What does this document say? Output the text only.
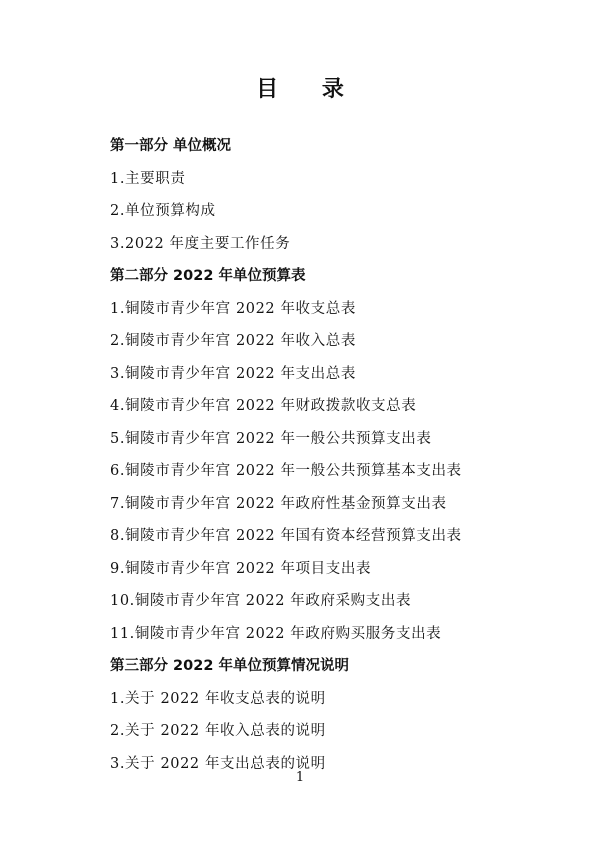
目 录
第一部分 单位概况
1.主要职责
2.单位预算构成
3.2022 年度主要工作任务
第二部分 2022 年单位预算表
1.铜陵市青少年宫 2022 年收支总表
2.铜陵市青少年宫 2022 年收入总表
3.铜陵市青少年宫 2022 年支出总表
4.铜陵市青少年宫 2022 年财政拨款收支总表
5.铜陵市青少年宫 2022 年一般公共预算支出表
6.铜陵市青少年宫 2022 年一般公共预算基本支出表
7.铜陵市青少年宫 2022 年政府性基金预算支出表
8.铜陵市青少年宫 2022 年国有资本经营预算支出表
9.铜陵市青少年宫 2022 年项目支出表
10.铜陵市青少年宫 2022 年政府采购支出表
11.铜陵市青少年宫 2022 年政府购买服务支出表
第三部分 2022 年单位预算情况说明
1.关于 2022 年收支总表的说明
2.关于 2022 年收入总表的说明
3.关于 2022 年支出总表的说明
1
